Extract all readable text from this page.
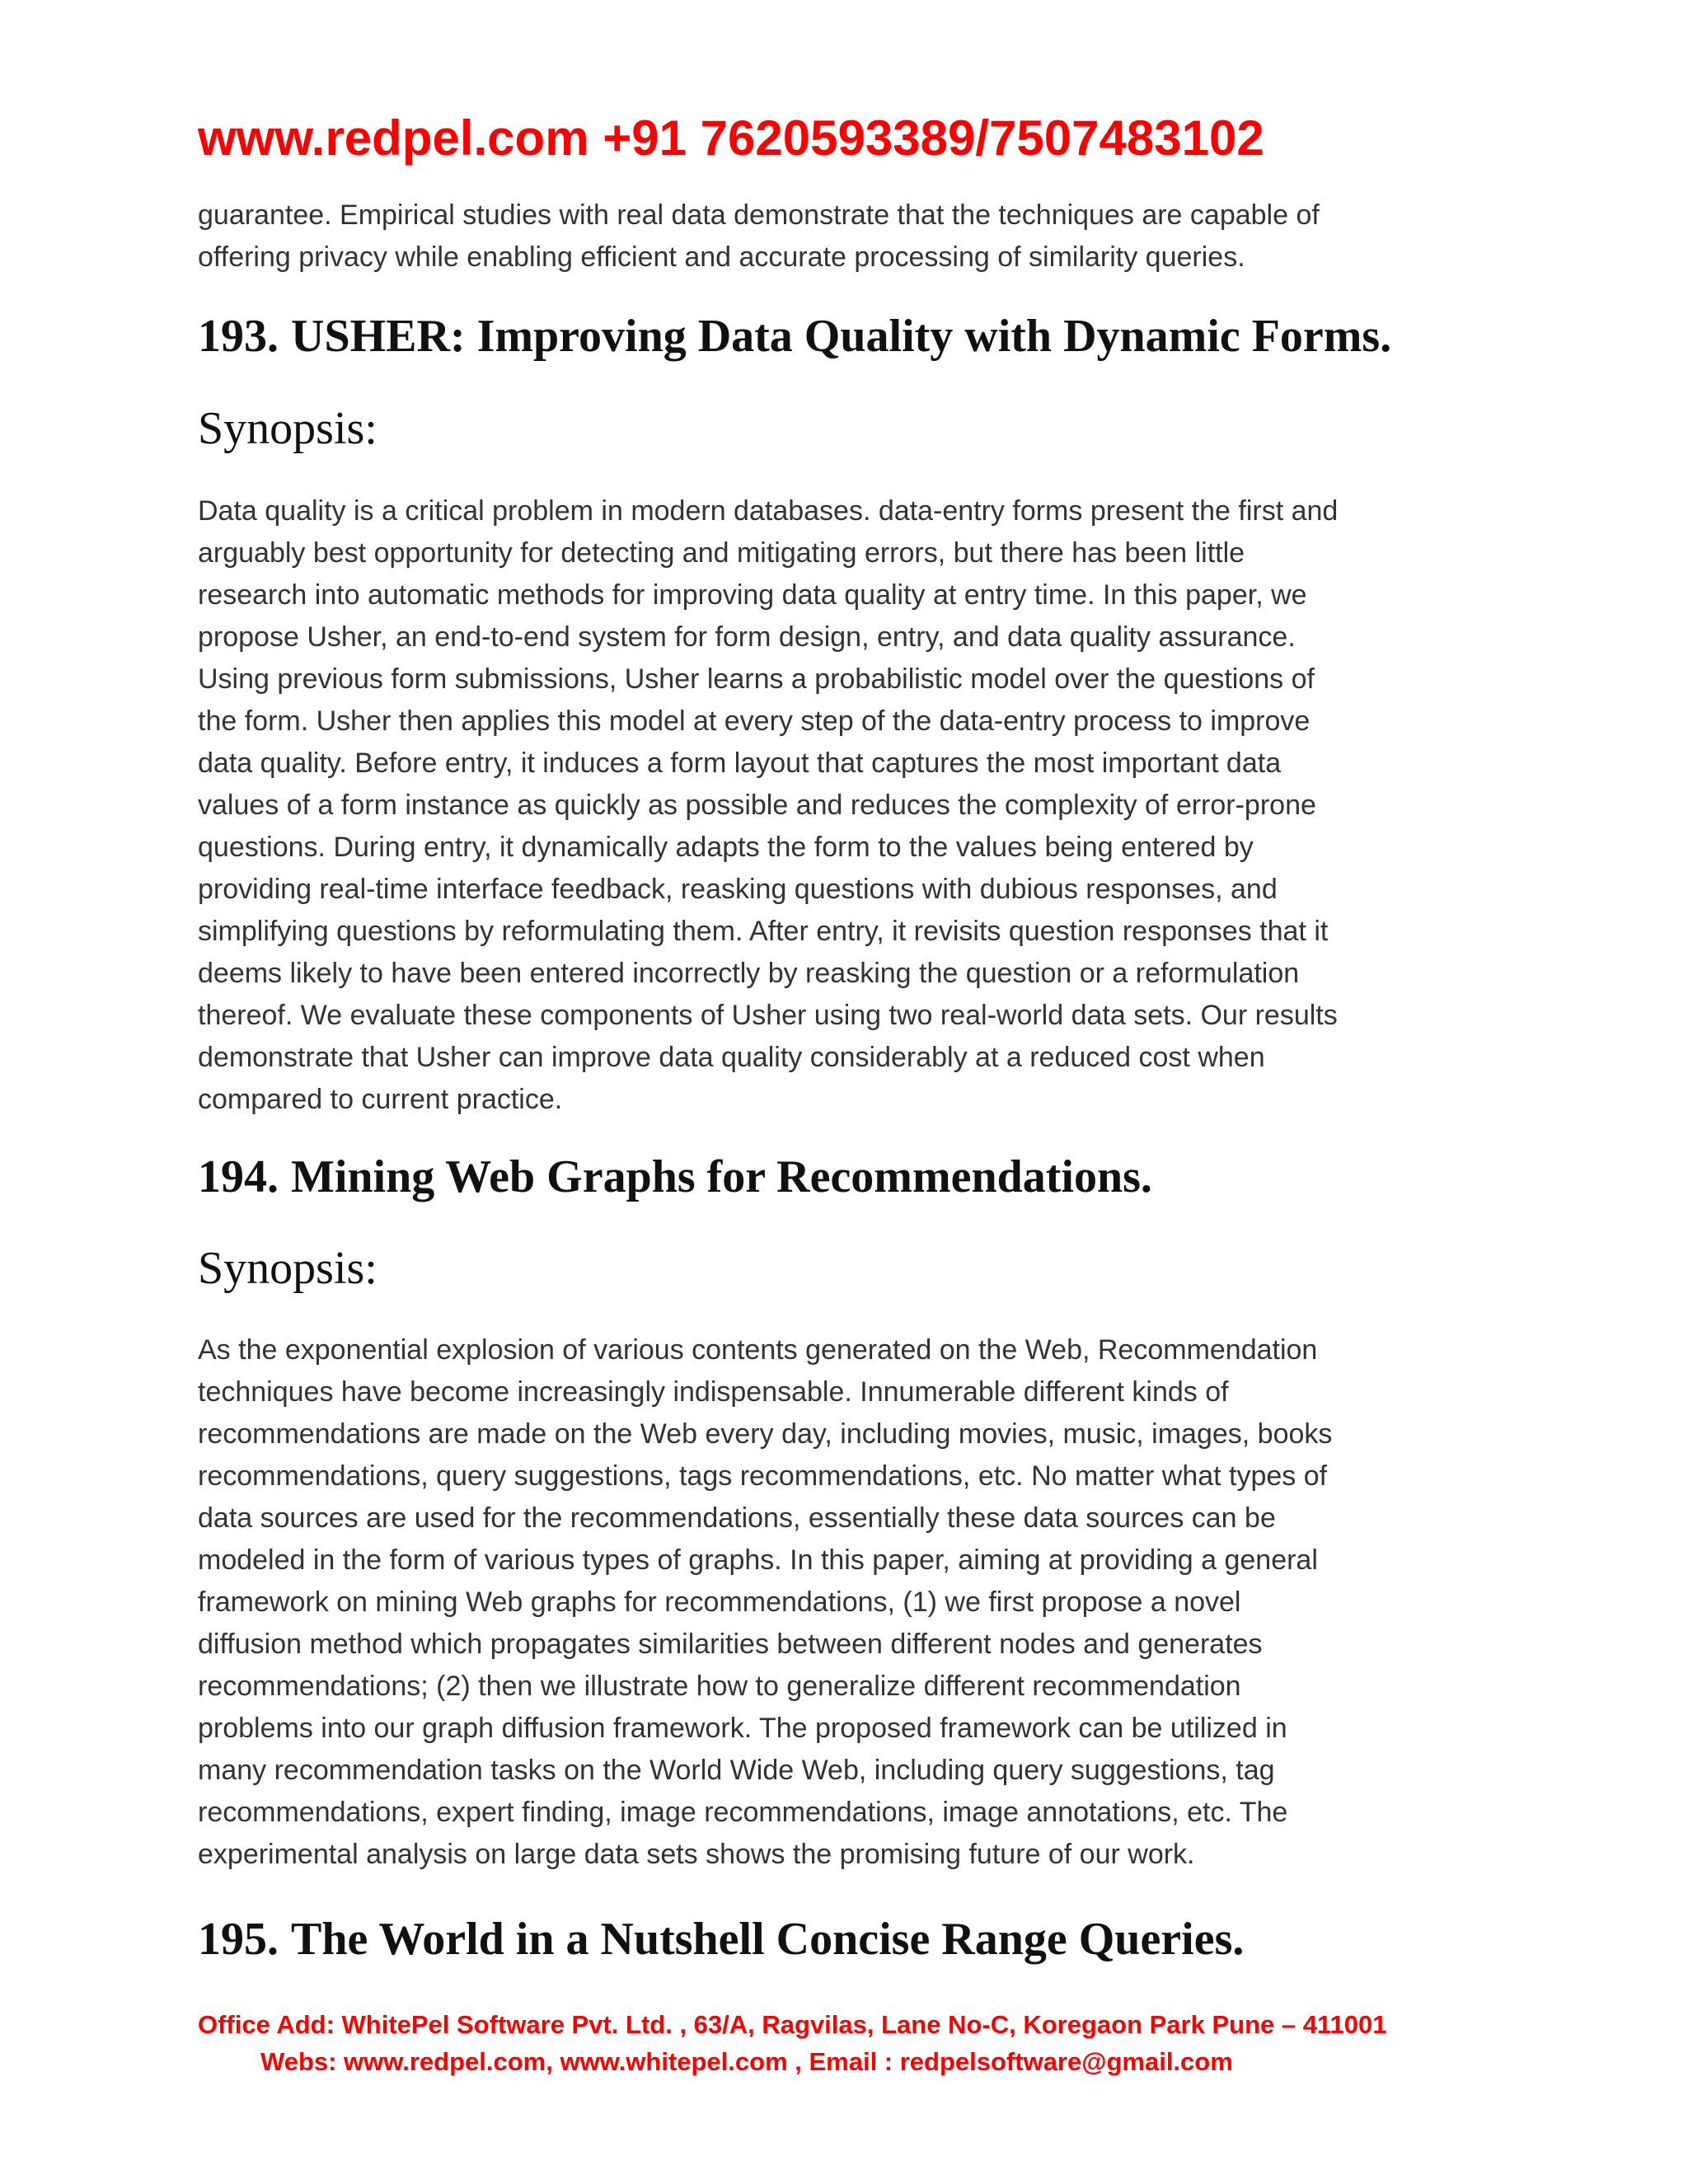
www.redpel.com +91 7620593389/7507483102
guarantee. Empirical studies with real data demonstrate that the techniques are capable of
offering privacy while enabling efficient and accurate processing of similarity queries.
193. USHER: Improving Data Quality with Dynamic Forms.
Synopsis:
Data quality is a critical problem in modern databases. data-entry forms present the first and
arguably best opportunity for detecting and mitigating errors, but there has been little
research into automatic methods for improving data quality at entry time. In this paper, we
propose Usher, an end-to-end system for form design, entry, and data quality assurance.
Using previous form submissions, Usher learns a probabilistic model over the questions of
the form. Usher then applies this model at every step of the data-entry process to improve
data quality. Before entry, it induces a form layout that captures the most important data
values of a form instance as quickly as possible and reduces the complexity of error-prone
questions. During entry, it dynamically adapts the form to the values being entered by
providing real-time interface feedback, reasking questions with dubious responses, and
simplifying questions by reformulating them. After entry, it revisits question responses that it
deems likely to have been entered incorrectly by reasking the question or a reformulation
thereof. We evaluate these components of Usher using two real-world data sets. Our results
demonstrate that Usher can improve data quality considerably at a reduced cost when
compared to current practice.
194. Mining Web Graphs for Recommendations.
Synopsis:
As the exponential explosion of various contents generated on the Web, Recommendation
techniques have become increasingly indispensable. Innumerable different kinds of
recommendations are made on the Web every day, including movies, music, images, books
recommendations, query suggestions, tags recommendations, etc. No matter what types of
data sources are used for the recommendations, essentially these data sources can be
modeled in the form of various types of graphs. In this paper, aiming at providing a general
framework on mining Web graphs for recommendations, (1) we first propose a novel
diffusion method which propagates similarities between different nodes and generates
recommendations; (2) then we illustrate how to generalize different recommendation
problems into our graph diffusion framework. The proposed framework can be utilized in
many recommendation tasks on the World Wide Web, including query suggestions, tag
recommendations, expert finding, image recommendations, image annotations, etc. The
experimental analysis on large data sets shows the promising future of our work.
195. The World in a Nutshell Concise Range Queries.
Office Add: WhitePel Software Pvt. Ltd. , 63/A, Ragvilas, Lane No-C, Koregaon Park Pune – 411001
Webs: www.redpel.com, www.whitepel.com , Email : redpelsoftware@gmail.com
